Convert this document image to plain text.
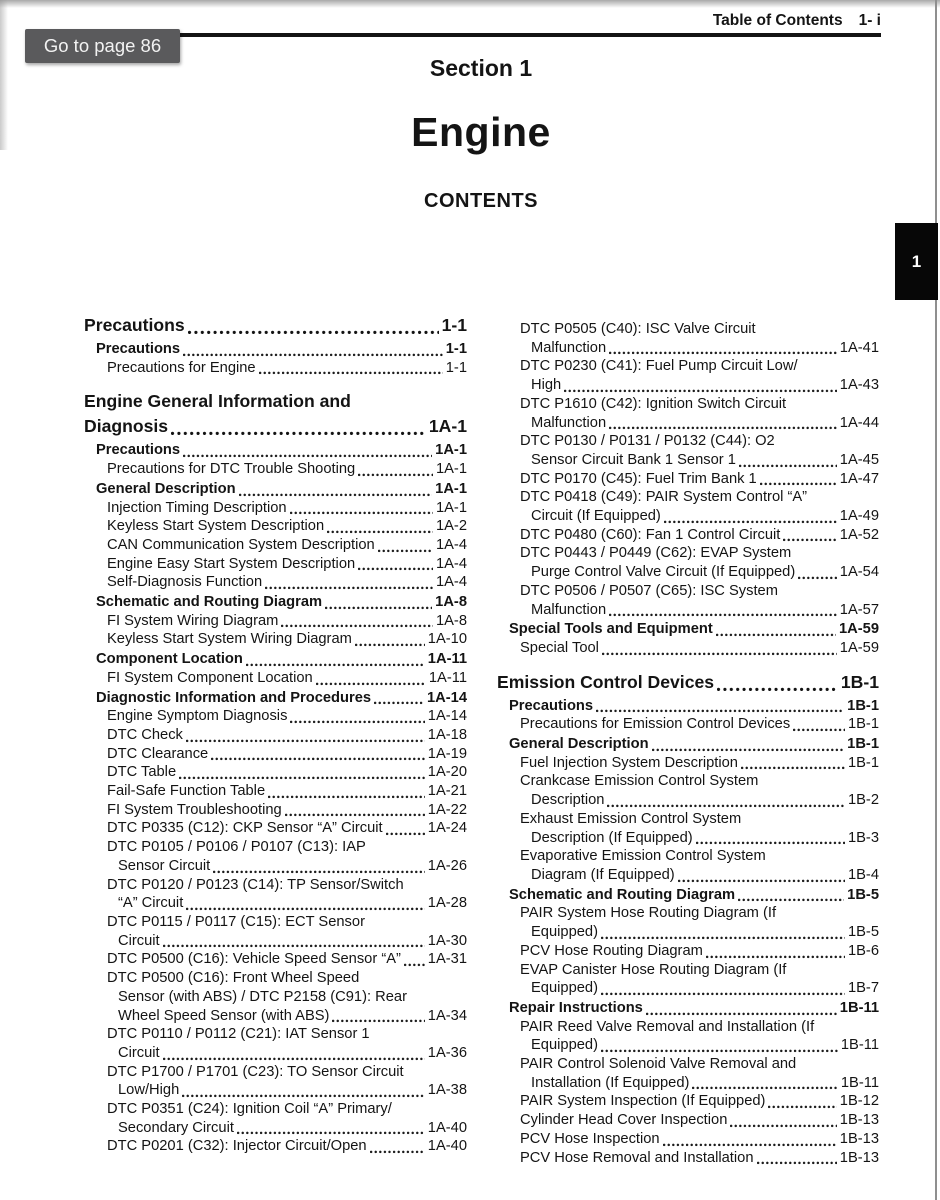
Table of Contents 1- i
Go to page 86
Section 1
Engine
CONTENTS
1
Precautions	1-1
Precautions	1-1
Precautions for Engine	1-1
Engine General Information and
Diagnosis	1A-1
Precautions	1A-1
Precautions for DTC Trouble Shooting	1A-1
General Description	1A-1
Injection Timing Description	1A-1
Keyless Start System Description	1A-2
CAN Communication System Description	1A-4
Engine Easy Start System Description	1A-4
Self-Diagnosis Function	1A-4
Schematic and Routing Diagram	1A-8
FI System Wiring Diagram	1A-8
Keyless Start System Wiring Diagram	1A-10
Component Location	1A-11
FI System Component Location	1A-11
Diagnostic Information and Procedures	1A-14
Engine Symptom Diagnosis	1A-14
DTC Check	1A-18
DTC Clearance	1A-19
DTC Table	1A-20
Fail-Safe Function Table	1A-21
FI System Troubleshooting	1A-22
DTC P0335 (C12): CKP Sensor “A” Circuit	1A-24
DTC P0105 / P0106 / P0107 (C13): IAP
Sensor Circuit	1A-26
DTC P0120 / P0123 (C14): TP Sensor/Switch
“A” Circuit	1A-28
DTC P0115 / P0117 (C15): ECT Sensor
Circuit	1A-30
DTC P0500 (C16): Vehicle Speed Sensor “A” 1A-31
DTC P0500 (C16): Front Wheel Speed
Sensor (with ABS) / DTC P2158 (C91): Rear
Wheel Speed Sensor (with ABS)	1A-34
DTC P0110 / P0112 (C21): IAT Sensor 1
Circuit	1A-36
DTC P1700 / P1701 (C23): TO Sensor Circuit
Low/High	1A-38
DTC P0351 (C24): Ignition Coil “A” Primary/
Secondary Circuit	1A-40
DTC P0201 (C32): Injector Circuit/Open	1A-40
DTC P0505 (C40): ISC Valve Circuit
Malfunction	1A-41
DTC P0230 (C41): Fuel Pump Circuit Low/
High	1A-43
DTC P1610 (C42): Ignition Switch Circuit
Malfunction	1A-44
DTC P0130 / P0131 / P0132 (C44): O2
Sensor Circuit Bank 1 Sensor 1	1A-45
DTC P0170 (C45): Fuel Trim Bank 1	1A-47
DTC P0418 (C49): PAIR System Control “A”
Circuit (If Equipped)	1A-49
DTC P0480 (C60): Fan 1 Control Circuit	1A-52
DTC P0443 / P0449 (C62): EVAP System
Purge Control Valve Circuit (If Equipped)	1A-54
DTC P0506 / P0507 (C65): ISC System
Malfunction	1A-57
Special Tools and Equipment	1A-59
Special Tool	1A-59
Emission Control Devices	1B-1
Precautions	1B-1
Precautions for Emission Control Devices	1B-1
General Description	1B-1
Fuel Injection System Description	1B-1
Crankcase Emission Control System
Description	1B-2
Exhaust Emission Control System
Description (If Equipped)	1B-3
Evaporative Emission Control System
Diagram (If Equipped)	1B-4
Schematic and Routing Diagram	1B-5
PAIR System Hose Routing Diagram (If
Equipped)	1B-5
PCV Hose Routing Diagram	1B-6
EVAP Canister Hose Routing Diagram (If
Equipped)	1B-7
Repair Instructions	1B-11
PAIR Reed Valve Removal and Installation (If
Equipped)	1B-11
PAIR Control Solenoid Valve Removal and
Installation (If Equipped)	1B-11
PAIR System Inspection (If Equipped)	1B-12
Cylinder Head Cover Inspection	1B-13
PCV Hose Inspection	1B-13
PCV Hose Removal and Installation	1B-13
